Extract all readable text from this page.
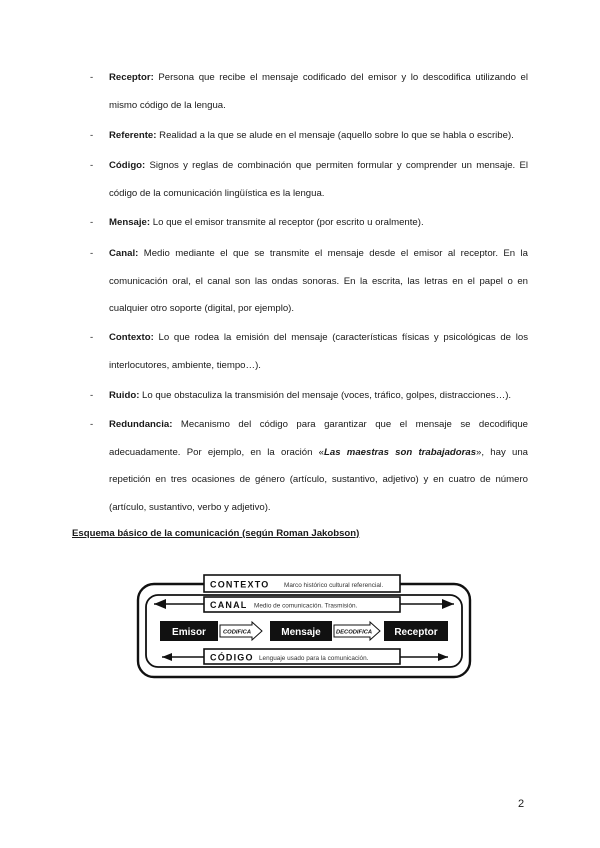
-	Receptor: Persona que recibe el mensaje codificado del emisor y lo descodifica utilizando el mismo código de la lengua.
-	Referente: Realidad a la que se alude en el mensaje (aquello sobre lo que se habla o escribe).
-	Código: Signos y reglas de combinación que permiten formular y comprender un mensaje. El código de la comunicación lingüística es la lengua.
-	Mensaje: Lo que el emisor transmite al receptor (por escrito u oralmente).
-	Canal: Medio mediante el que se transmite el mensaje desde el emisor al receptor. En la comunicación oral, el canal son las ondas sonoras. En la escrita, las letras en el papel o en cualquier otro soporte (digital, por ejemplo).
-	Contexto: Lo que rodea la emisión del mensaje (características físicas y psicológicas de los interlocutores, ambiente, tiempo…).
-	Ruido: Lo que obstaculiza la transmisión del mensaje (voces, tráfico, golpes, distracciones…).
-	Redundancia: Mecanismo del código para garantizar que el mensaje se decodifique adecuadamente. Por ejemplo, en la oración «Las maestras son trabajadoras», hay una repetición en tres ocasiones de género (artículo, sustantivo, adjetivo) y en cuatro de número (artículo, sustantivo, verbo y adjetivo).
Esquema básico de la comunicación (según Roman Jakobson)
CONTEXTO Marco histórico cultural referencial.
CANAL Medio de comunicación. Trasmisión.
Emisor	CODIFICA	Mensaje	DECODIFICA Receptor
CÓDIGO Lenguaje usado para la comunicación.
2
